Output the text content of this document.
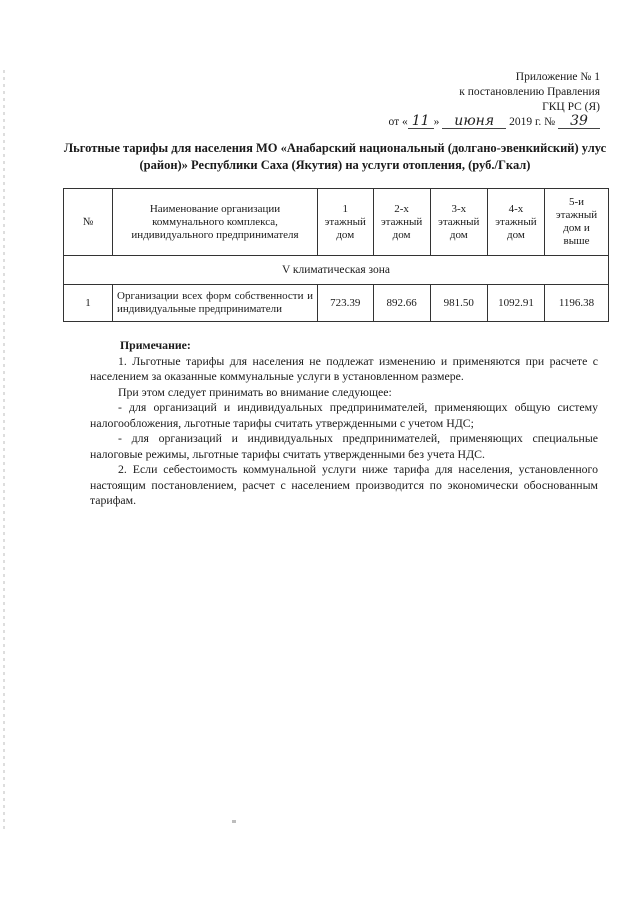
Приложение № 1
к постановлению Правления
ГКЦ РС (Я)
от « 11 » июня 2019 г. № 39
Льготные тарифы для населения МО «Анабарский национальный (долгано-эвенкийский) улус (район)» Республики Саха (Якутия) на услуги отопления, (руб./Гкал)
№	Наименование организации коммунального комплекса, индивидуального предпринимателя	1 этажный дом	2-х этажный дом	3-х этажный дом	4-х этажный дом	5-и этажный дом и выше
V климатическая зона						
1	Организации всех форм собственности и индивидуальные предприниматели	723.39	892.66	981.50	1092.91	1196.38
Примечание:

1. Льготные тарифы для населения не подлежат изменению и применяются при расчете с населением за оказанные коммунальные услуги в установленном размере.

При этом следует принимать во внимание следующее:

- для организаций и индивидуальных предпринимателей, применяющих общую систему налогообложения, льготные тарифы считать утвержденными с учетом НДС;

- для организаций и индивидуальных предпринимателей, применяющих специальные налоговые режимы, льготные тарифы считать утвержденными без учета НДС.

2. Если себестоимость коммунальной услуги ниже тарифа для населения, установленного настоящим постановлением, расчет с населением производится по экономически обоснованным тарифам.
